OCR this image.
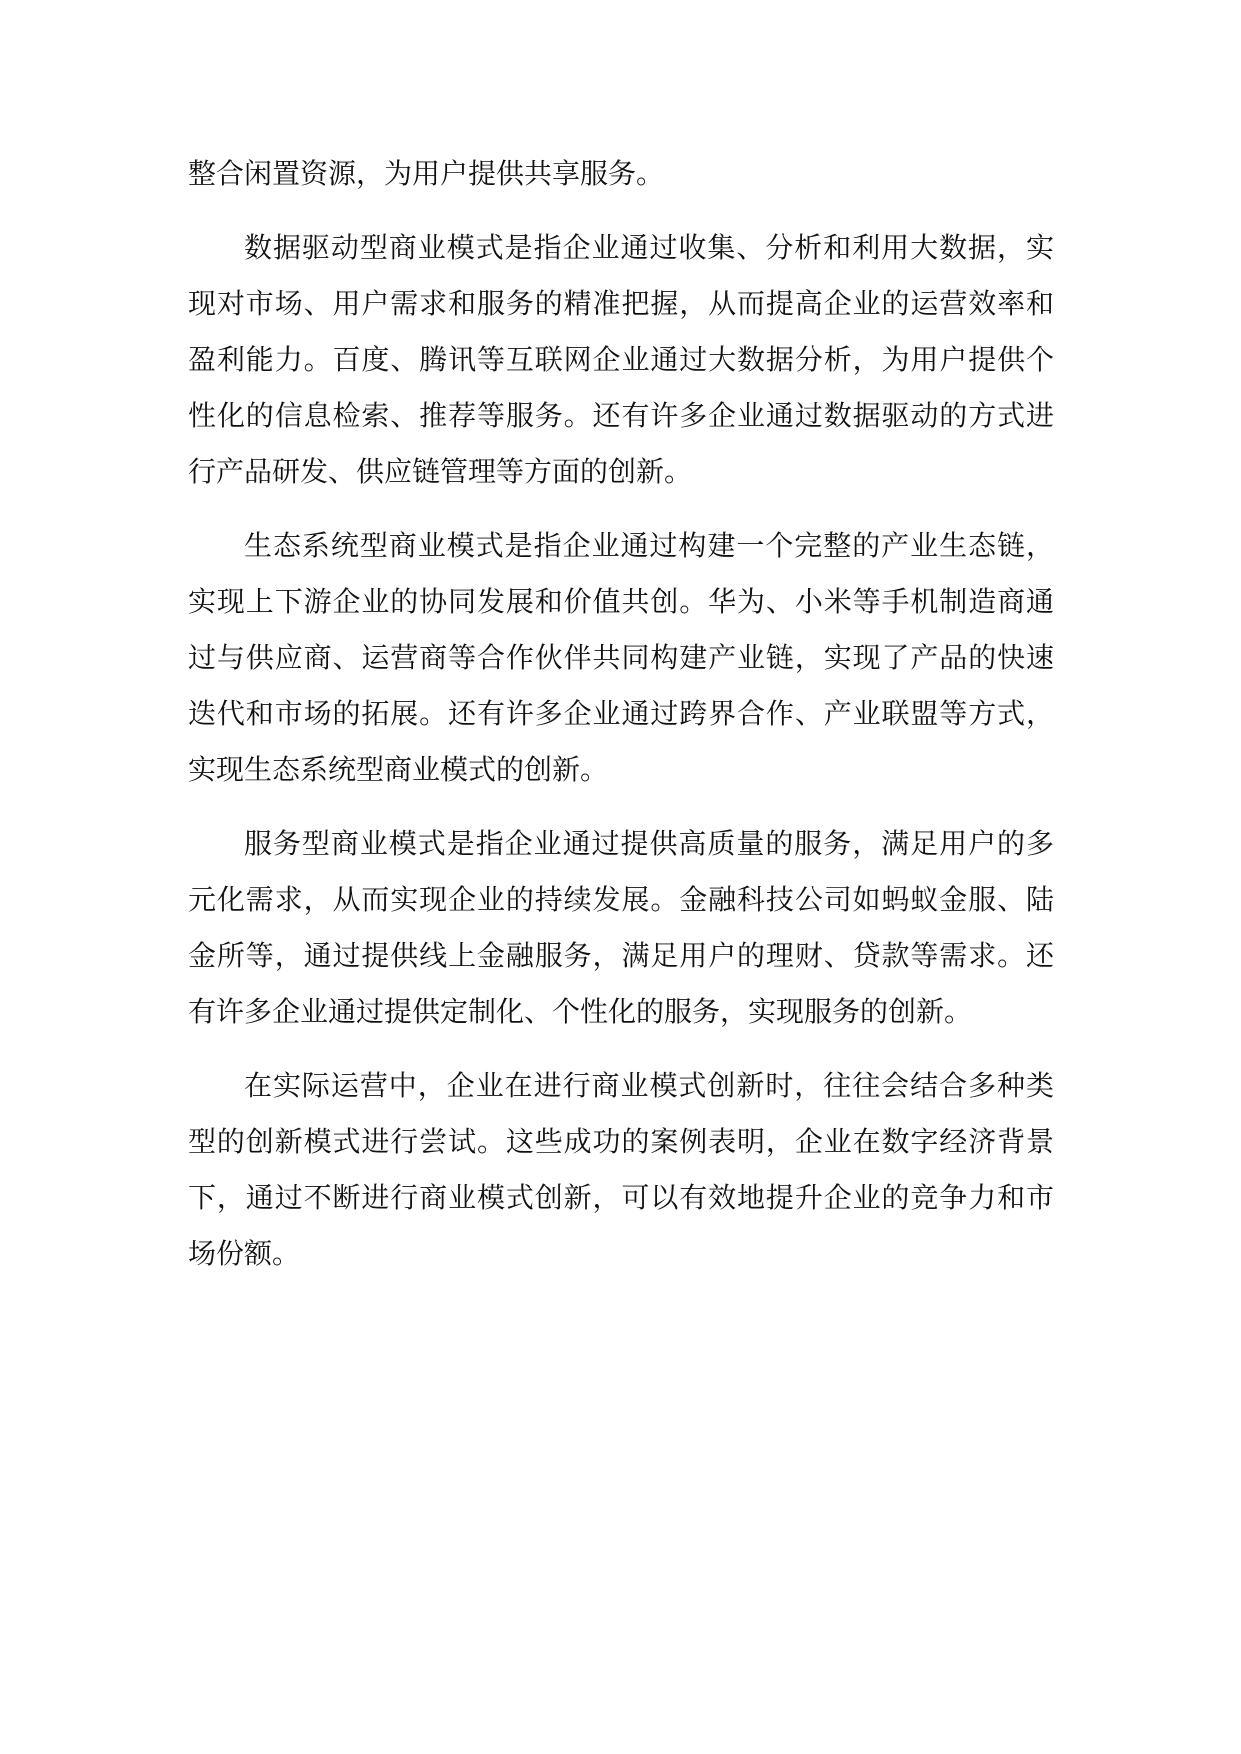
整合闲置资源，为用户提供共享服务。

数据驱动型商业模式是指企业通过收集、分析和利用大数据，实现对市场、用户需求和服务的精准把握，从而提高企业的运营效率和盈利能力。百度、腾讯等互联网企业通过大数据分析，为用户提供个性化的信息检索、推荐等服务。还有许多企业通过数据驱动的方式进行产品研发、供应链管理等方面的创新。

生态系统型商业模式是指企业通过构建一个完整的产业生态链，实现上下游企业的协同发展和价值共创。华为、小米等手机制造商通过与供应商、运营商等合作伙伴共同构建产业链，实现了产品的快速迭代和市场的拓展。还有许多企业通过跨界合作、产业联盟等方式，实现生态系统型商业模式的创新。

服务型商业模式是指企业通过提供高质量的服务，满足用户的多元化需求，从而实现企业的持续发展。金融科技公司如蚂蚁金服、陆金所等，通过提供线上金融服务，满足用户的理财、贷款等需求。还有许多企业通过提供定制化、个性化的服务，实现服务的创新。

在实际运营中，企业在进行商业模式创新时，往往会结合多种类型的创新模式进行尝试。这些成功的案例表明，企业在数字经济背景下，通过不断进行商业模式创新，可以有效地提升企业的竞争力和市场份额。
